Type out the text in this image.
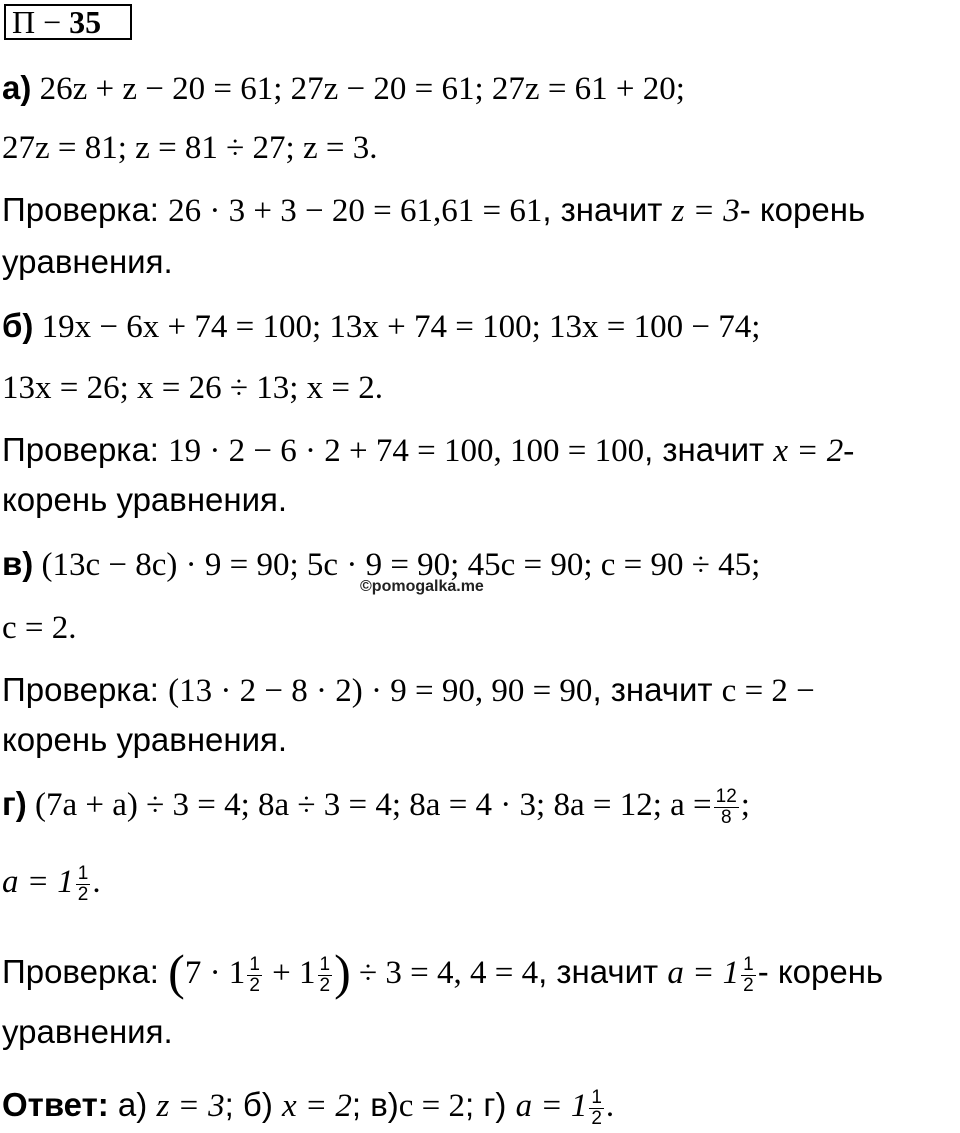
П − 35
а) 26z + z − 20 = 61; 27z − 20 = 61; 27z = 61 + 20;
27z = 81; z = 81 ÷ 27; z = 3.
Проверка: 26 · 3 + 3 − 20 = 61,61 = 61, значит z = 3- корень
уравнения.
б) 19x − 6x + 74 = 100; 13x + 74 = 100; 13x = 100 − 74;
13x = 26; x = 26 ÷ 13; x = 2.
Проверка: 19 · 2 − 6 · 2 + 74 = 100, 100 = 100, значит x = 2-
корень уравнения.
в) (13c − 8c) · 9 = 90; 5c · 9 = 90; 45c = 90; c = 90 ÷ 45;
©pomogalka.me
c = 2.
Проверка: (13 · 2 − 8 · 2) · 9 = 90, 90 = 90, значит c = 2 −
корень уравнения.
г) (7a + a) ÷ 3 = 4; 8a ÷ 3 = 4; 8a = 4 · 3; 8a = 12; $a = \frac{12}{8}$ ;
$a = 1 \frac{1}{2}$ .
Проверка: ($7 \cdot 1 \frac{1}{2} + 1 \frac{1}{2}$ ) ÷ 3 = 4, 4 = 4, значит $a = 1 \frac{1}{2}$ - корень
уравнения.
Ответ: а) z = 3; б) x = 2; в)c = 2; г) $a = 1 \frac{1}{2}$ .
